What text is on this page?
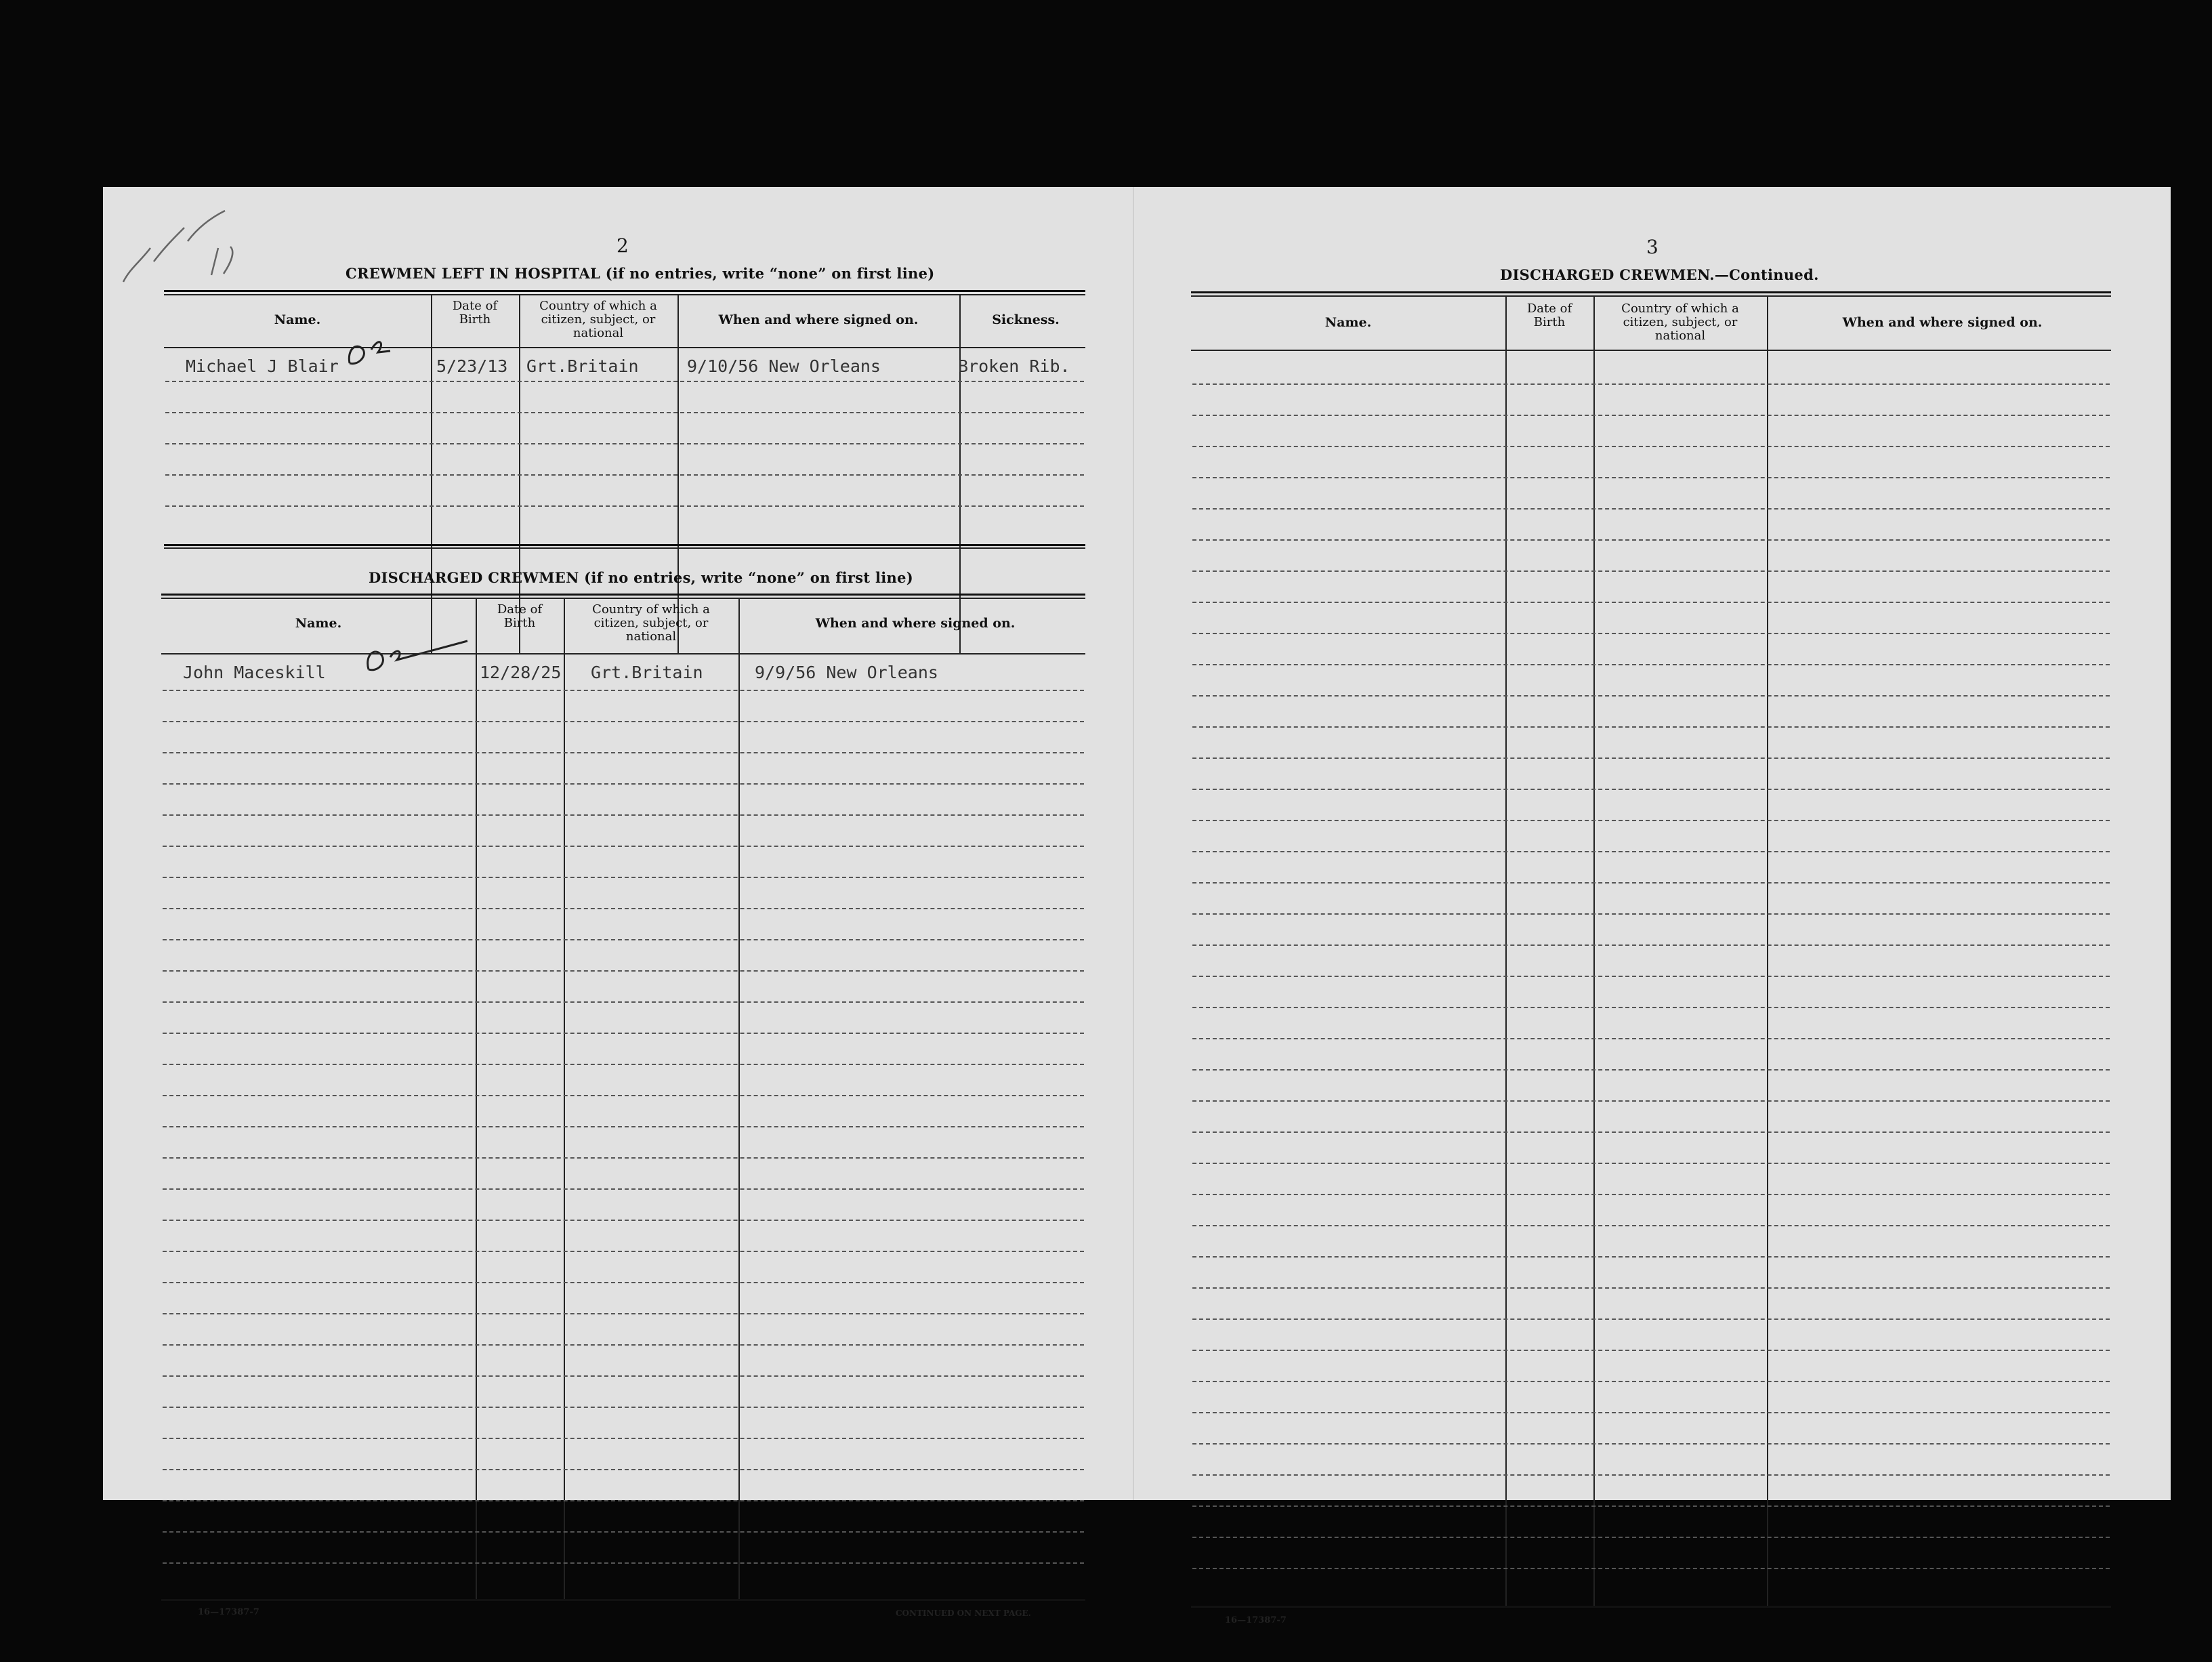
2
CREWMEN LEFT IN HOSPITAL (if no entries, write “none” on first line)
Name.
Date of Birth
Country of which a citizen, subject, or national
When and where signed on.	Sickness.
Michael J Blair	5/23/13 Grt.Britain	9/10/56 New Orleans	Broken Rib.
DISCHARGED CREWMEN (if no entries, write “none” on first line)
Name.
Date of Birth
Country of which a citizen, subject, or national
When and where signed on.
John Maceskill	12/28/25 Grt.Britain	9/9/56 New Orleans
16—17387-7	CONTINUED ON NEXT PAGE.
3
DISCHARGED CREWMEN.—Continued.
Name.
Date of Birth
Country of which a citizen, subject, or national
When and where signed on.
16—17387-7
